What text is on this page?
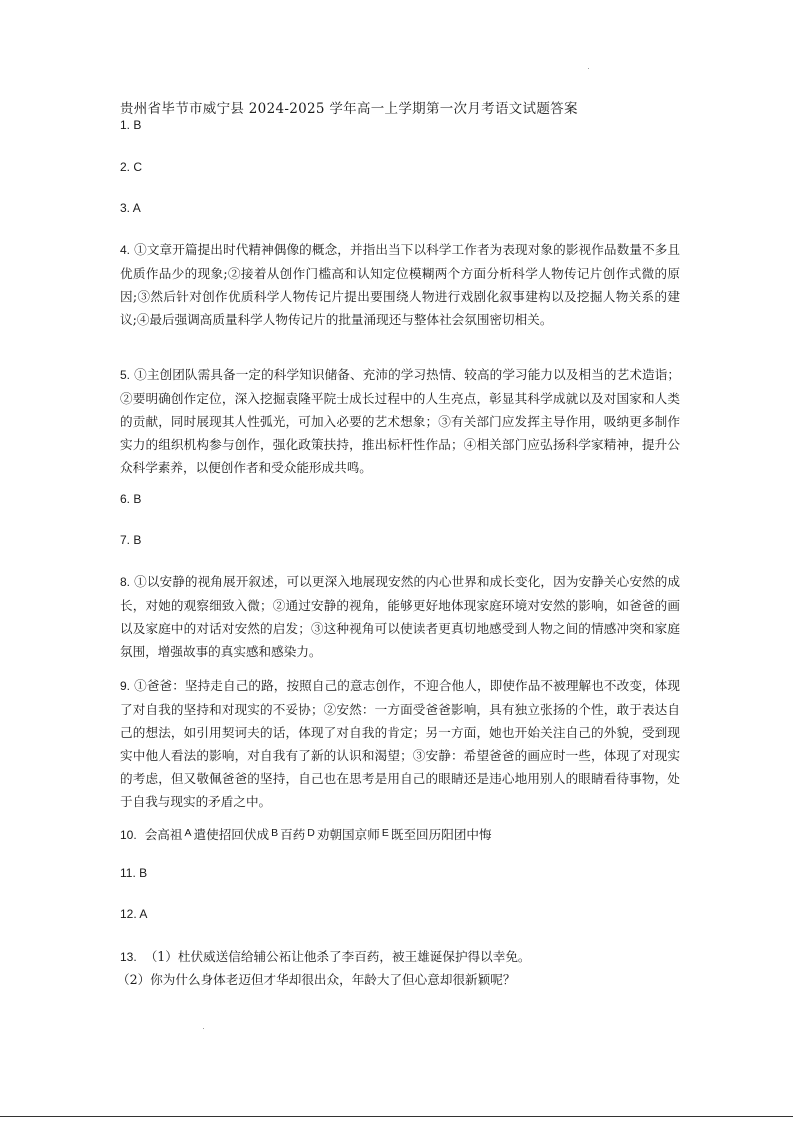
贵州省毕节市威宁县 2024-2025 学年高一上学期第一次月考语文试题答案
1. B
2. C
3. A
4. ①文章开篇提出时代精神偶像的概念，并指出当下以科学工作者为表现对象的影视作品数量不多且优质作品少的现象;②接着从创作门槛高和认知定位模糊两个方面分析科学人物传记片创作式微的原因;③然后针对创作优质科学人物传记片提出要围绕人物进行戏剧化叙事建构以及挖掘人物关系的建议;④最后强调高质量科学人物传记片的批量涌现还与整体社会氛围密切相关。
5. ①主创团队需具备一定的科学知识储备、充沛的学习热情、较高的学习能力以及相当的艺术造诣；②要明确创作定位，深入挖掘袁隆平院士成长过程中的人生亮点，彰显其科学成就以及对国家和人类的贡献，同时展现其人性弧光，可加入必要的艺术想象；③有关部门应发挥主导作用，吸纳更多制作实力的组织机构参与创作，强化政策扶持，推出标杆性作品；④相关部门应弘扬科学家精神，提升公众科学素养，以便创作者和受众能形成共鸣。
6. B
7. B
8. ①以安静的视角展开叙述，可以更深入地展现安然的内心世界和成长变化，因为安静关心安然的成长，对她的观察细致入微；②通过安静的视角，能够更好地体现家庭环境对安然的影响，如爸爸的画以及家庭中的对话对安然的启发；③这种视角可以使读者更真切地感受到人物之间的情感冲突和家庭氛围，增强故事的真实感和感染力。
9. ①爸爸：坚持走自己的路，按照自己的意志创作，不迎合他人，即使作品不被理解也不改变，体现了对自我的坚持和对现实的不妥协；②安然：一方面受爸爸影响，具有独立张扬的个性，敢于表达自己的想法，如引用契诃夫的话，体现了对自我的肯定；另一方面，她也开始关注自己的外貌，受到现实中他人看法的影响，对自我有了新的认识和渴望；③安静：希望爸爸的画应时一些，体现了对现实的考虑，但又敬佩爸爸的坚持，自己也在思考是用自己的眼睛还是违心地用别人的眼睛看待事物，处于自我与现实的矛盾之中。
10. 会高祖 $^A$ 遣使招回伏成 $^B$ 百药 $^D$ 劝朝国京师 $^E$ 既至回历阳团中悔
11. B
12. A
13. （1）杜伏威送信给辅公祏让他杀了李百药，被王雄诞保护得以幸免。
（2）你为什么身体老迈但才华却很出众，年龄大了但心意却很新颖呢？
